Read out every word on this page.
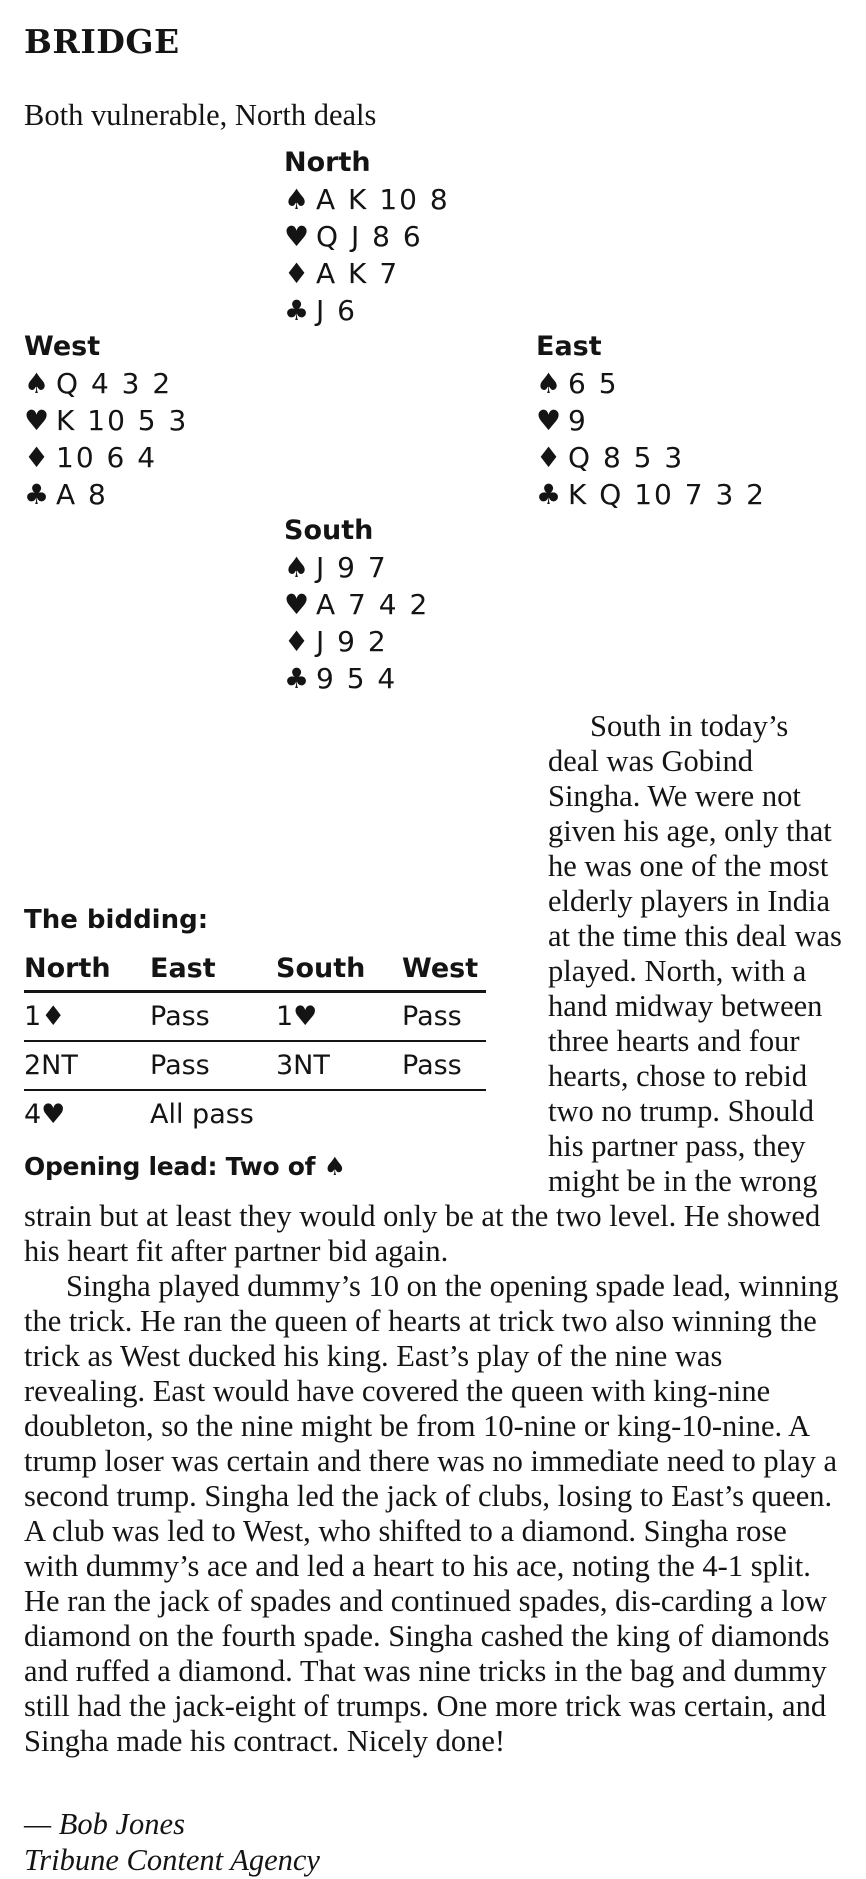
BRIDGE

Both vulnerable, North deals

North
♠ A K 10 8
♥ Q J 8 6
♦ A K 7
♣ J 6
West
♠ Q 4 3 2
♥ K 10 5 3
♦ 10 6 4
♣ A 8
East
♠ 6 5
♥ 9
♦ Q 8 5 3
♣ K Q 10 7 3 2
South
♠ J 9 7
♥ A 7 4 2
♦ J 9 2
♣ 9 5 4

The bidding:

North	East	South	West
1♦	Pass	1♥	Pass
2NT	Pass	3NT	Pass
4♥	All pass		

Opening lead: Two of ♠

South in today’s deal was Gobind Singha. We were not given his age, only that he was one of the most elderly players in India at the time this deal was played. North, with a hand midway between three hearts and four hearts, chose to rebid two no trump. Should his partner pass, they might be in the wrong strain but at least they would only be at the two level. He showed his heart fit after partner bid again.

Singha played dummy’s 10 on the opening spade lead, winning the trick. He ran the queen of hearts at trick two also winning the trick as West ducked his king. East’s play of the nine was revealing. East would have covered the queen with king-nine doubleton, so the nine might be from 10-nine or king-10-nine. A trump loser was certain and there was no immediate need to play a second trump. Singha led the jack of clubs, losing to East’s queen. A club was led to West, who shifted to a diamond. Singha rose with dummy’s ace and led a heart to his ace, noting the 4-1 split. He ran the jack of spades and continued spades, dis-carding a low diamond on the fourth spade. Singha cashed the king of diamonds and ruffed a diamond. That was nine tricks in the bag and dummy still had the jack-eight of trumps. One more trick was certain, and Singha made his contract. Nicely done!

— Bob Jones

Tribune Content Agency
